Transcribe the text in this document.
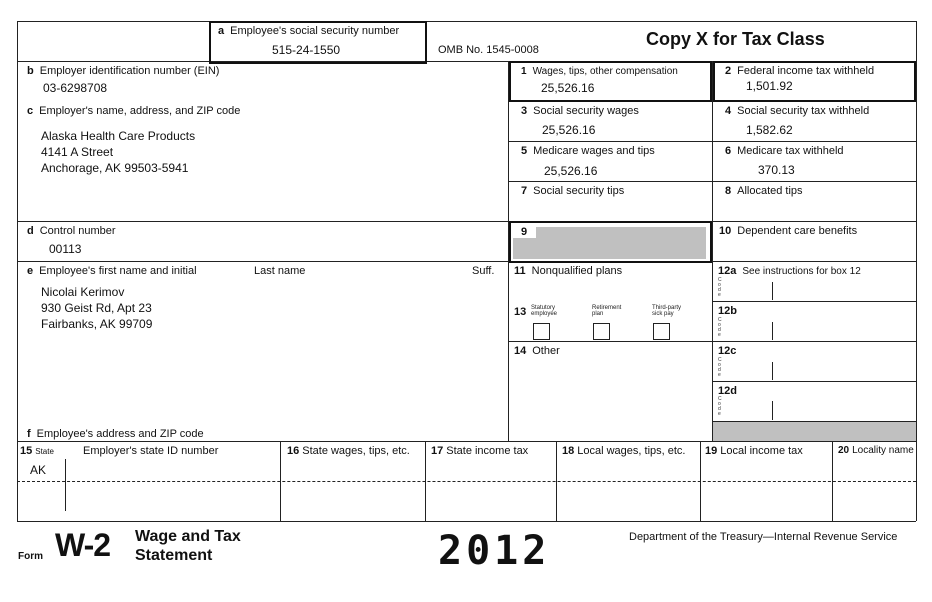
a Employee's social security number
515-24-1550	OMB No. 1545-0008
Copy X for Tax Class
b Employer identification number (EIN)
03-6298708
c Employer's name, address, and ZIP code
Alaska Health Care Products
4141 A Street
Anchorage, AK 99503-5941
d Control number
00113
e Employee's first name and initial	Last name	Suff.
Nicolai Kerimov
930 Geist Rd, Apt 23
Fairbanks, AK 99709
f Employee's address and ZIP code
1 Wages, tips, other compensation
25,526.16
2 Federal income tax withheld
1,501.92
3 Social security wages
25,526.16
4 Social security tax withheld
1,582.62
5 Medicare wages and tips
25,526.16
6 Medicare tax withheld
370.13
7 Social security tips	8 Allocated tips
9	10 Dependent care benefits
11 Nonqualified plans
13 Statutory employee
Retirement plan
Third-party sick pay
14 Other
12a See instructions for box 12
C o d e
12b
C o d e
12c
C o d e
12d
C o d e
15 State	Employer's state ID number
AK
16 State wages, tips, etc. 17 State income tax	18 Local wages, tips, etc. 19 Local income tax	20 Locality name
Form W-2 Wage and Tax
Statement	2012	Department of the Treasury—Internal Revenue Service
